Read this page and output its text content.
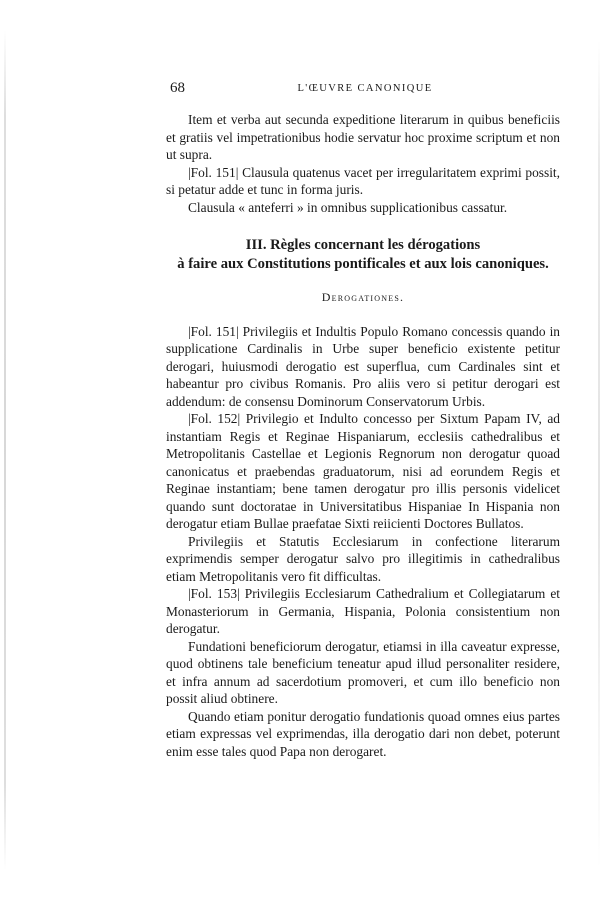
68	L'ŒUVRE CANONIQUE

Item et verba aut secunda expeditione literarum in quibus beneficiis et gratiis vel impetrationibus hodie servatur hoc proxime scriptum et non ut supra.

|Fol. 151| Clausula quatenus vacet per irregularitatem exprimi possit, si petatur adde et tunc in forma juris.

Clausula « anteferri » in omnibus supplicationibus cassatur.

III. Règles concernant les dérogations
à faire aux Constitutions pontificales et aux lois canoniques.
Derogationes.

|Fol. 151| Privilegiis et Indultis Populo Romano concessis quando in supplicatione Cardinalis in Urbe super beneficio existente petitur derogari, huiusmodi derogatio est superflua, cum Cardinales sint et habeantur pro civibus Romanis. Pro aliis vero si petitur derogari est addendum: de consensu Dominorum Conservatorum Urbis.

|Fol. 152| Privilegio et Indulto concesso per Sixtum Papam IV, ad instantiam Regis et Reginae Hispaniarum, ecclesiis cathedralibus et Metropolitanis Castellae et Legionis Regnorum non derogatur quoad canonicatus et praebendas graduatorum, nisi ad eorundem Regis et Reginae instantiam; bene tamen derogatur pro illis personis videlicet quando sunt doctoratae in Universitatibus Hispaniae In Hispania non derogatur etiam Bullae praefatae Sixti reiicienti Doctores Bullatos.

Privilegiis et Statutis Ecclesiarum in confectione literarum exprimendis semper derogatur salvo pro illegitimis in cathedralibus etiam Metropolitanis vero fit difficultas.

|Fol. 153| Privilegiis Ecclesiarum Cathedralium et Collegiatarum et Monasteriorum in Germania, Hispania, Polonia consistentium non derogatur.

Fundationi beneficiorum derogatur, etiamsi in illa caveatur expresse, quod obtinens tale beneficium teneatur apud illud personaliter residere, et infra annum ad sacerdotium promoveri, et cum illo beneficio non possit aliud obtinere.

Quando etiam ponitur derogatio fundationis quoad omnes eius partes etiam expressas vel exprimendas, illa derogatio dari non debet, poterunt enim esse tales quod Papa non derogaret.
